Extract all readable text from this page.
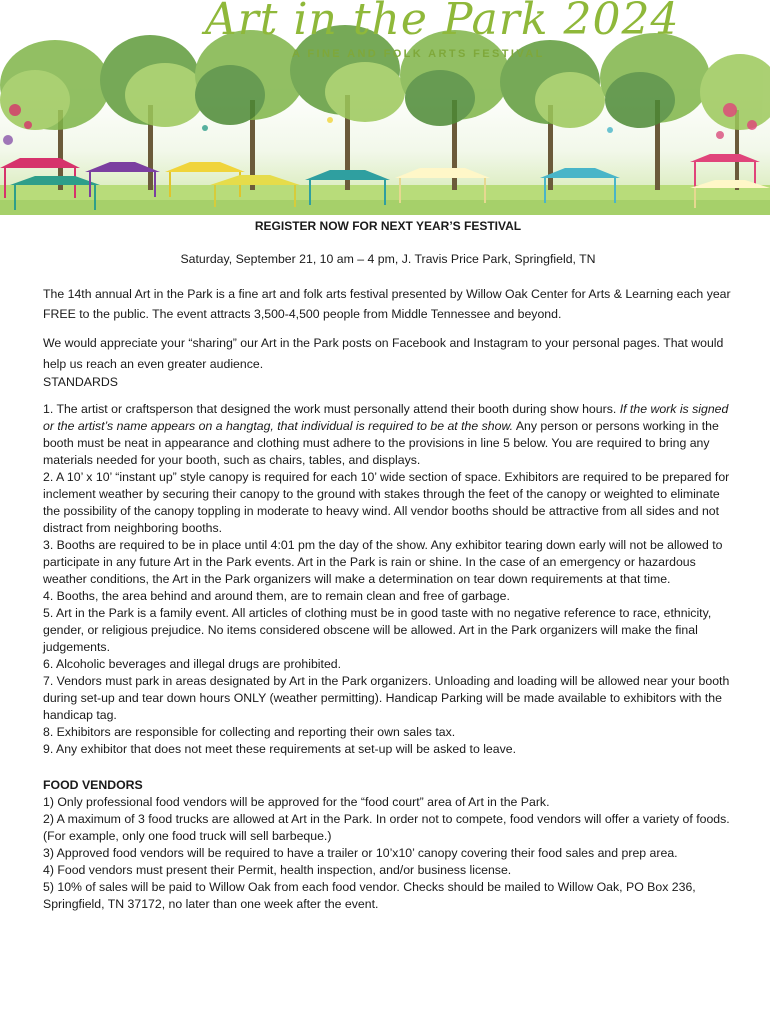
Art in the Park 2024
A FINE AND FOLK ARTS FESTIVAL

REGISTER NOW FOR NEXT YEAR’S FESTIVAL

Saturday, September 21, 10 am – 4 pm, J. Travis Price Park, Springfield, TN

The 14th annual Art in the Park is a fine art and folk arts festival presented by Willow Oak Center for Arts & Learning each year FREE to the public. The event attracts 3,500-4,500 people from Middle Tennessee and beyond.

We would appreciate your “sharing” our Art in the Park posts on Facebook and Instagram to your personal pages. That would help us reach an even greater audience.

STANDARDS

1. The artist or craftsperson that designed the work must personally attend their booth during show hours. If the work is signed or the artist’s name appears on a hangtag, that individual is required to be at the show. Any person or persons working in the booth must be neat in appearance and clothing must adhere to the provisions in line 5 below. You are required to bring any materials needed for your booth, such as chairs, tables, and displays.

2. A 10’ x 10’ “instant up” style canopy is required for each 10’ wide section of space. Exhibitors are required to be prepared for inclement weather by securing their canopy to the ground with stakes through the feet of the canopy or weighted to eliminate the possibility of the canopy toppling in moderate to heavy wind. All vendor booths should be attractive from all sides and not distract from neighboring booths.

3. Booths are required to be in place until 4:01 pm the day of the show. Any exhibitor tearing down early will not be allowed to participate in any future Art in the Park events. Art in the Park is rain or shine. In the case of an emergency or hazardous weather conditions, the Art in the Park organizers will make a determination on tear down requirements at that time.

4. Booths, the area behind and around them, are to remain clean and free of garbage.

5. Art in the Park is a family event. All articles of clothing must be in good taste with no negative reference to race, ethnicity, gender, or religious prejudice. No items considered obscene will be allowed. Art in the Park organizers will make the final judgements.

6. Alcoholic beverages and illegal drugs are prohibited.

7. Vendors must park in areas designated by Art in the Park organizers. Unloading and loading will be allowed near your booth during set-up and tear down hours ONLY (weather permitting). Handicap Parking will be made available to exhibitors with the handicap tag.

8. Exhibitors are responsible for collecting and reporting their own sales tax.

9. Any exhibitor that does not meet these requirements at set-up will be asked to leave.

FOOD VENDORS

1) Only professional food vendors will be approved for the “food court” area of Art in the Park.

2) A maximum of 3 food trucks are allowed at Art in the Park. In order not to compete, food vendors will offer a variety of foods. (For example, only one food truck will sell barbeque.)

3) Approved food vendors will be required to have a trailer or 10’x10’ canopy covering their food sales and prep area.

4) Food vendors must present their Permit, health inspection, and/or business license.

5) 10% of sales will be paid to Willow Oak from each food vendor. Checks should be mailed to Willow Oak, PO Box 236, Springfield, TN 37172, no later than one week after the event.
